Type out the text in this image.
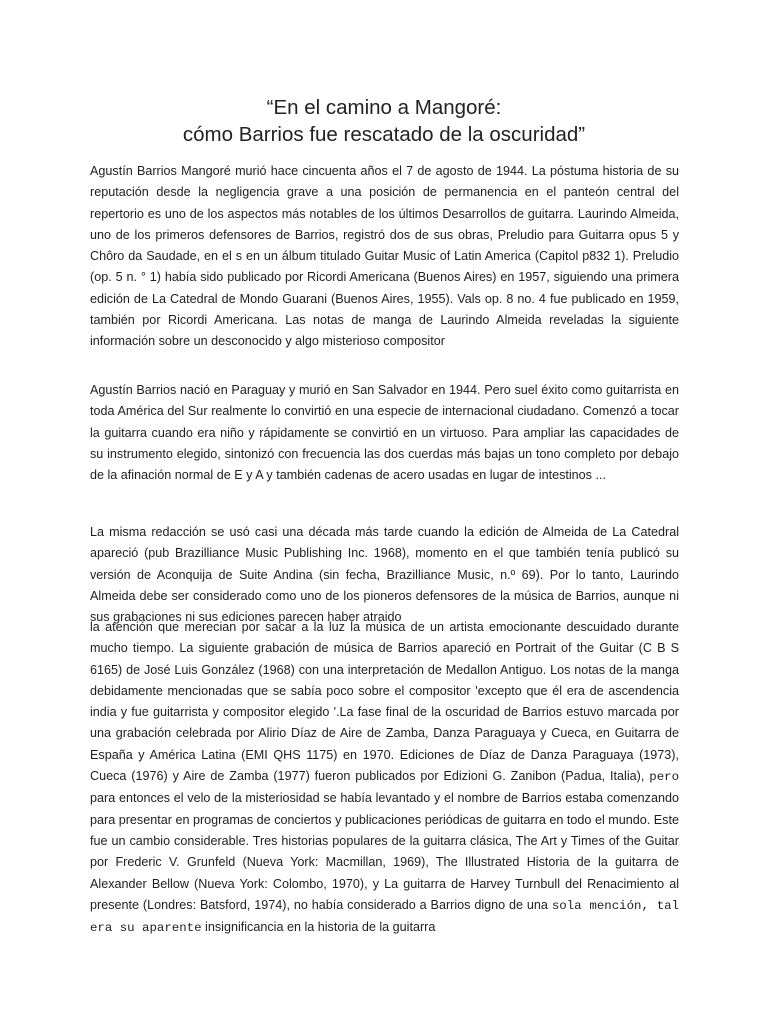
“En el camino a Mangoré:
cómo Barrios fue rescatado de la oscuridad”

Agustín Barrios Mangoré murió hace cincuenta años el 7 de agosto de 1944. La póstuma historia de su reputación desde la negligencia grave a una posición de permanencia en el panteón central del repertorio es uno de los aspectos más notables de los últimos Desarrollos de guitarra. Laurindo Almeida, uno de los primeros defensores de Barrios, registró dos de sus obras, Preludio para Guitarra opus 5 y Chôro da Saudade, en el s en un álbum titulado Guitar Music of Latin America (Capitol p832 1). Preludio (op. 5 n. ° 1) había sido publicado por Ricordi Americana (Buenos Aires) en 1957, siguiendo una primera edición de La Catedral de Mondo Guarani (Buenos Aires, 1955). Vals op. 8 no. 4 fue publicado en 1959, también por Ricordi Americana. Las notas de manga de Laurindo Almeida reveladas la siguiente información sobre un desconocido y algo misterioso compositor

Agustín Barrios nació en Paraguay y murió en San Salvador en 1944. Pero suel éxito como guitarrista en toda América del Sur realmente lo convirtió en una especie de internacional ciudadano. Comenzó a tocar la guitarra cuando era niño y rápidamente se convirtió en un virtuoso. Para ampliar las capacidades de su instrumento elegido, sintonizó con frecuencia las dos cuerdas más bajas un tono completo por debajo de la afinación normal de E y A y también cadenas de acero usadas en lugar de intestinos ...

La misma redacción se usó casi una década más tarde cuando la edición de Almeida de La Catedral apareció (pub Brazilliance Music Publishing Inc. 1968), momento en el que también tenía publicó su versión de Aconquija de Suite Andina (sin fecha, Brazilliance Music, n.º 69). Por lo tanto, Laurindo Almeida debe ser considerado como uno de los pioneros defensores de la música de Barrios, aunque ni sus grabaciones ni sus ediciones parecen haber atraido

la atención que merecian por sacar a la luz la música de un artista emocionante descuidado durante mucho tiempo. La siguiente grabación de música de Barrios apareció en Portrait of the Guitar (C B S 6165) de José Luis González (1968) con una interpretación de Medallon Antiguo. Los notas de la manga debidamente mencionadas que se sabía poco sobre el compositor 'excepto que él era de ascendencia india y fue guitarrista y compositor elegido '.La fase final de la oscuridad de Barrios estuvo marcada por una grabación celebrada por Alirio Díaz de Aire de Zamba, Danza Paraguaya y Cueca, en Guitarra de España y América Latina (EMI QHS 1175) en 1970. Ediciones de Díaz de Danza Paraguaya (1973), Cueca (1976) y Aire de Zamba (1977) fueron publicados por Edizioni G. Zanibon (Padua, Italia), pero para entonces el velo de la misteriosidad se había levantado y el nombre de Barrios estaba comenzando para presentar en programas de conciertos y publicaciones periódicas de guitarra en todo el mundo. Este fue un cambio considerable. Tres historias populares de la guitarra clásica, The Art y Times of the Guitar por Frederic V. Grunfeld (Nueva York: Macmillan, 1969), The Illustrated Historia de la guitarra de Alexander Bellow (Nueva York: Colombo, 1970), y La guitarra de Harvey Turnbull del Renacimiento al presente (Londres: Batsford, 1974), no había considerado a Barrios digno de una sola mención, tal era su aparente insignificancia en la historia de la guitarra
